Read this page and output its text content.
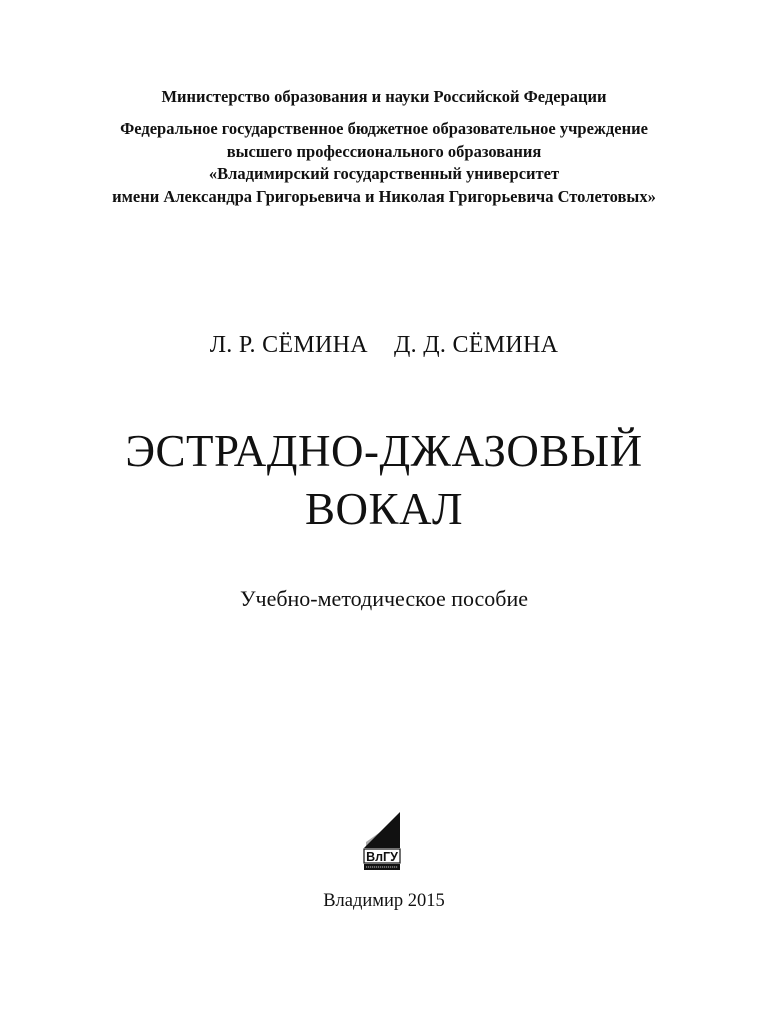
Министерство образования и науки Российской Федерации
Федеральное государственное бюджетное образовательное учреждение
высшего профессионального образования
«Владимирский государственный университет
имени Александра Григорьевича и Николая Григорьевича Столетовых»
Л. Р. СЁМИНА Д. Д. СЁМИНА
ЭСТРАДНО-ДЖАЗОВЫЙ
ВОКАЛ
Учебно-методическое пособие
ВлГУ
Владимир 2015
